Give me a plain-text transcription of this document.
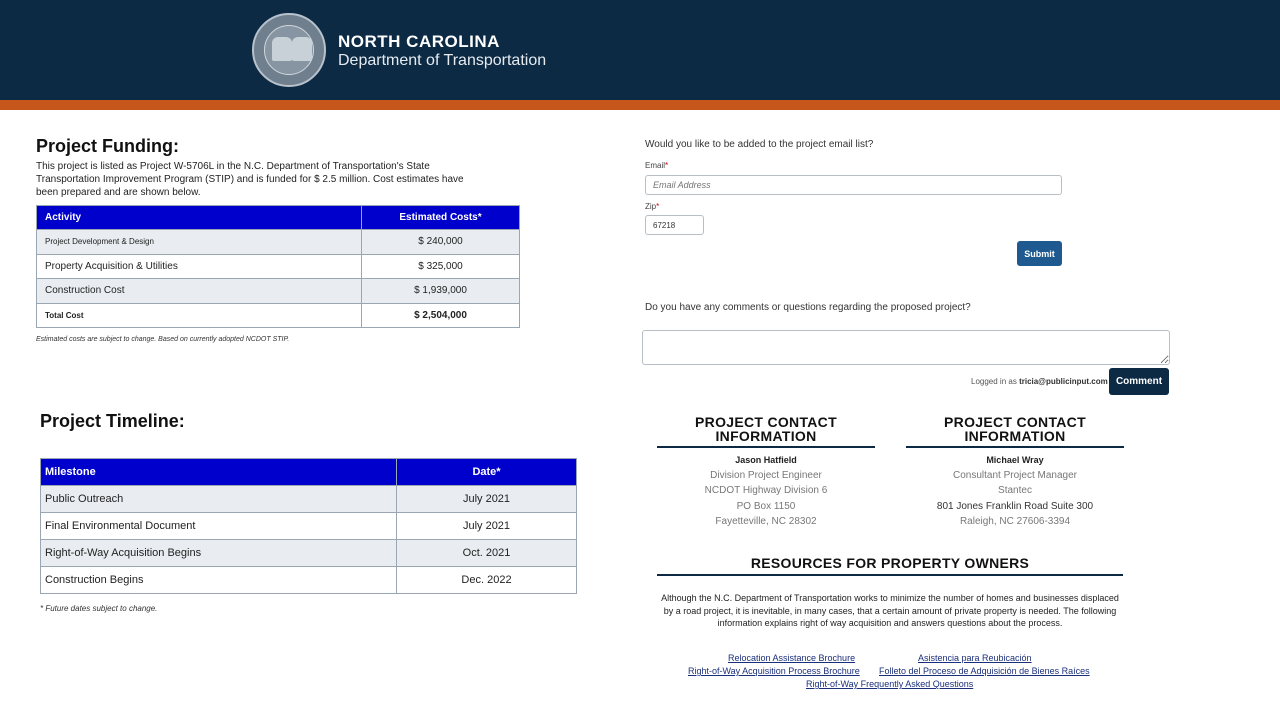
NORTH CAROLINA
Department of Transportation
Project Funding:

This project is listed as Project W-5706L in the N.C. Department of Transportation's State Transportation Improvement Program (STIP) and is funded for $ 2.5 million. Cost estimates have been prepared and are shown below.

Activity	Estimated Costs*
Project Development & Design	$ 240,000
Property Acquisition & Utilities	$ 325,000
Construction Cost	$ 1,939,000
Total Cost	$ 2,504,000

Estimated costs are subject to change. Based on currently adopted NCDOT STIP.

Project Timeline:
Milestone	Date*
Public Outreach	July 2021
Final Environmental Document	July 2021
Right-of-Way Acquisition Begins	Oct. 2021
Construction Begins	Dec. 2022

* Future dates subject to change.

Would you like to be added to the project email list?

Email*
Email Address
Zip*
67218
Submit

Do you have any comments or questions regarding the proposed project?

Logged in as tricia@publicinput.com Comment
PROJECT CONTACT
INFORMATION
Jason Hatfield
Division Project Engineer
NCDOT Highway Division 6
PO Box 1150
Fayetteville, NC 28302
PROJECT CONTACT
INFORMATION
Michael Wray
Consultant Project Manager
Stantec
801 Jones Franklin Road Suite 300
Raleigh, NC 27606-3394
RESOURCES FOR PROPERTY OWNERS

Although the N.C. Department of Transportation works to minimize the number of homes and businesses displaced by a road project, it is inevitable, in many cases, that a certain amount of private property is needed. The following information explains right of way acquisition and answers questions about the process.

Relocation Assistance Brochure	Asistencia para Reubicación
Right-of-Way Acquisition Process Brochure Folleto del Proceso de Adquisición de Bienes Raíces
Right-of-Way Frequently Asked Questions
